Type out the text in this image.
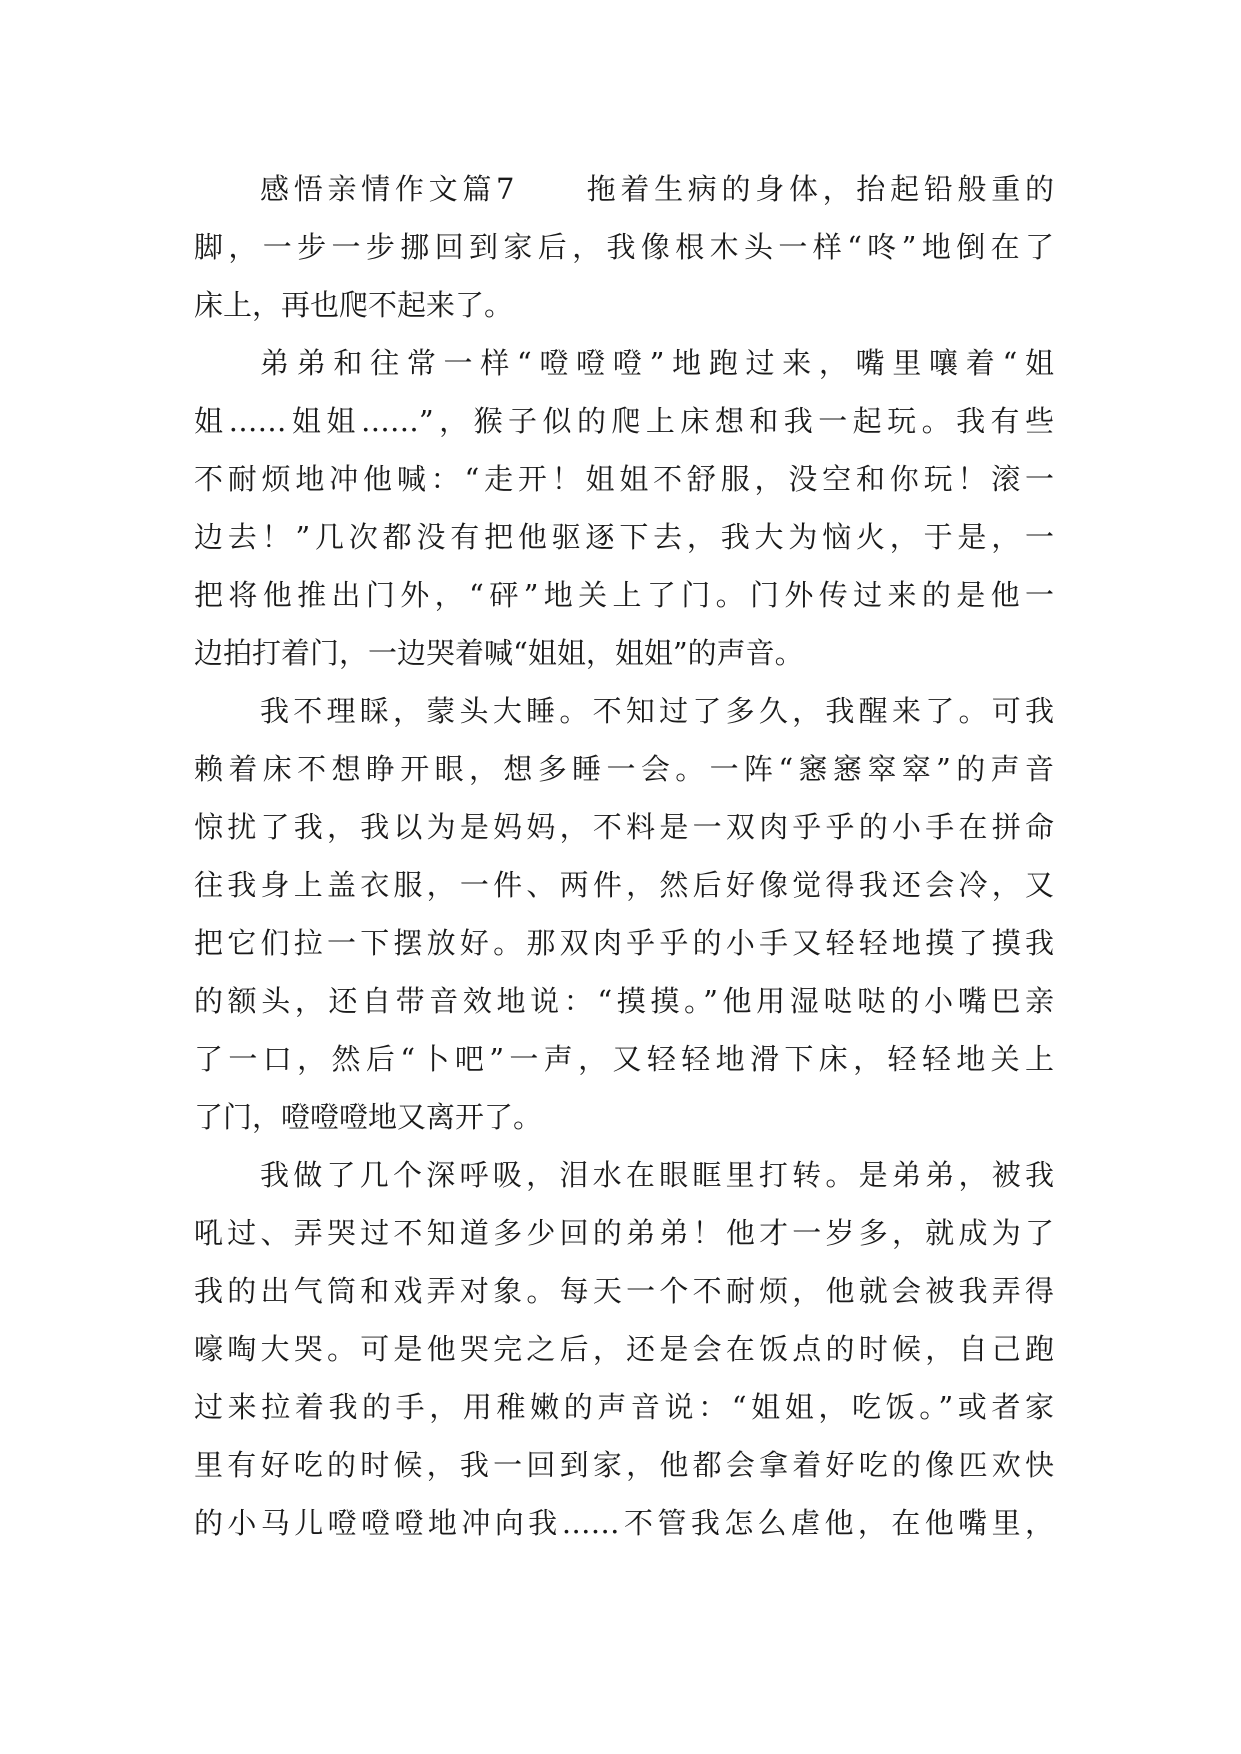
感悟亲情作文篇7　　拖着生病的身体，抬起铅般重的
脚，一步一步挪回到家后，我像根木头一样“咚”地倒在了
床上，再也爬不起来了。
弟弟和往常一样“噔噔噔”地跑过来，嘴里嚷着“姐
姐……姐姐……”，猴子似的爬上床想和我一起玩。我有些
不耐烦地冲他喊：“走开！姐姐不舒服，没空和你玩！滚一
边去！”几次都没有把他驱逐下去，我大为恼火，于是，一
把将他推出门外，“砰”地关上了门。门外传过来的是他一
边拍打着门，一边哭着喊“姐姐，姐姐”的声音。
我不理睬，蒙头大睡。不知过了多久，我醒来了。可我
赖着床不想睁开眼，想多睡一会。一阵“窸窸窣窣”的声音
惊扰了我，我以为是妈妈，不料是一双肉乎乎的小手在拼命
往我身上盖衣服，一件、两件，然后好像觉得我还会冷，又
把它们拉一下摆放好。那双肉乎乎的小手又轻轻地摸了摸我
的额头，还自带音效地说：“摸摸。”他用湿哒哒的小嘴巴亲
了一口，然后“卜吧”一声，又轻轻地滑下床，轻轻地关上
了门，噔噔噔地又离开了。
我做了几个深呼吸，泪水在眼眶里打转。是弟弟，被我
吼过、弄哭过不知道多少回的弟弟！他才一岁多，就成为了
我的出气筒和戏弄对象。每天一个不耐烦，他就会被我弄得
嚎啕大哭。可是他哭完之后，还是会在饭点的时候，自己跑
过来拉着我的手，用稚嫩的声音说：“姐姐，吃饭。”或者家
里有好吃的时候，我一回到家，他都会拿着好吃的像匹欢快
的小马儿噔噔噔地冲向我……不管我怎么虐他，在他嘴里，
